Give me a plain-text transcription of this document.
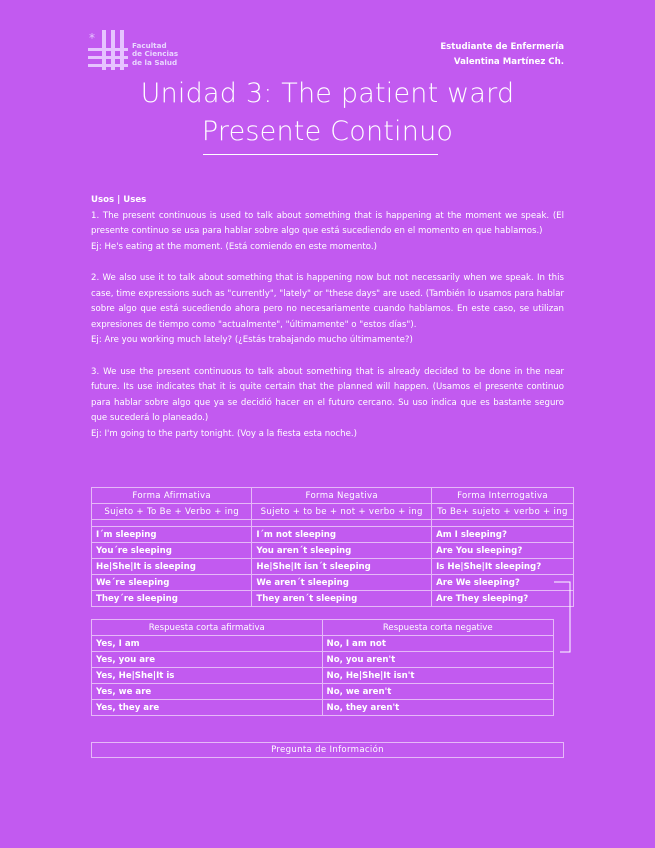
*
Facultad
de Ciencias
de la Salud
Estudiante de Enfermería
Valentina Martínez Ch.
Unidad 3: The patient ward
Presente Continuo

Usos | Uses

1. The present continuous is used to talk about something that is happening at the moment we speak. (El presente continuo se usa para hablar sobre algo que está sucediendo en el momento en que hablamos.)

Ej: He's eating at the moment. (Está comiendo en este momento.)

2. We also use it to talk about something that is happening now but not necessarily when we speak. In this case, time expressions such as "currently", "lately" or "these days" are used. (También lo usamos para hablar sobre algo que está sucediendo ahora pero no necesariamente cuando hablamos. En este caso, se utilizan expresiones de tiempo como "actualmente", "últimamente" o "estos días").

Ej: Are you working much lately? (¿Estás trabajando mucho últimamente?)

3. We use the present continuous to talk about something that is already decided to be done in the near future. Its use indicates that it is quite certain that the planned will happen. (Usamos el presente continuo para hablar sobre algo que ya se decidió hacer en el futuro cercano. Su uso indica que es bastante seguro que sucederá lo planeado.)

Ej: I'm going to the party tonight. (Voy a la fiesta esta noche.)

Forma Afirmativa	Forma Negativa	Forma Interrogativa
Sujeto + To Be + Verbo + ing	Sujeto + to be + not + verbo + ing	To Be+ sujeto + verbo + ing

I´m sleeping	I´m not sleeping	Am I sleeping?
You´re sleeping	You aren´t sleeping	Are You sleeping?
He|She|It is sleeping	He|She|It isn´t sleeping	Is He|She|It sleeping?
We´re sleeping	We aren´t sleeping	Are We sleeping?
They´re sleeping	They aren´t sleeping	Are They sleeping?
Respuesta corta afirmativa	Respuesta corta negative
Yes, I am	No, I am not
Yes, you are	No, you aren't
Yes, He|She|It is	No, He|She|It isn't
Yes, we are	No, we aren't
Yes, they are	No, they aren't
Pregunta de Información
